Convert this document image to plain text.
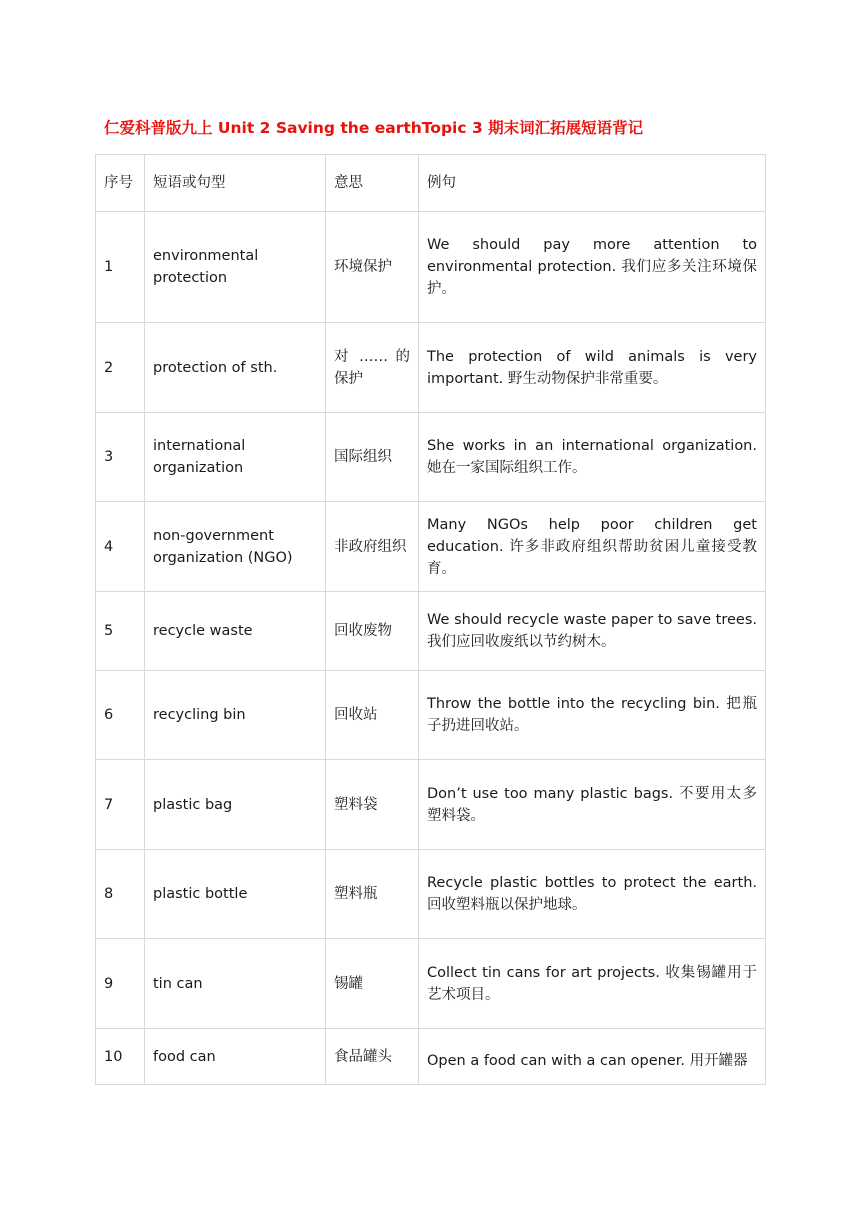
仁爱科普版九上 Unit 2 Saving the earthTopic 3 期末词汇拓展短语背记
序号	短语或句型	意思	例句
1	environmental protection	环境保护	We should pay more attention to environmental protection. 我们应多关注环境保护。
2	protection of sth.	对 …… 的保护	The protection of wild animals is very important. 野生动物保护非常重要。
3	international organization	国际组织	She works in an international organization. 她在一家国际组织工作。
4	non-government organization (NGO)	非政府组织	Many NGOs help poor children get education. 许多非政府组织帮助贫困儿童接受教育。
5	recycle waste	回收废物	We should recycle waste paper to save trees. 我们应回收废纸以节约树木。
6	recycling bin	回收站	Throw the bottle into the recycling bin. 把瓶子扔进回收站。
7	plastic bag	塑料袋	Don’t use too many plastic bags. 不要用太多塑料袋。
8	plastic bottle	塑料瓶	Recycle plastic bottles to protect the earth. 回收塑料瓶以保护地球。
9	tin can	锡罐	Collect tin cans for art projects. 收集锡罐用于艺术项目。
10	food can	食品罐头	Open a food can with a can opener. 用开罐器
